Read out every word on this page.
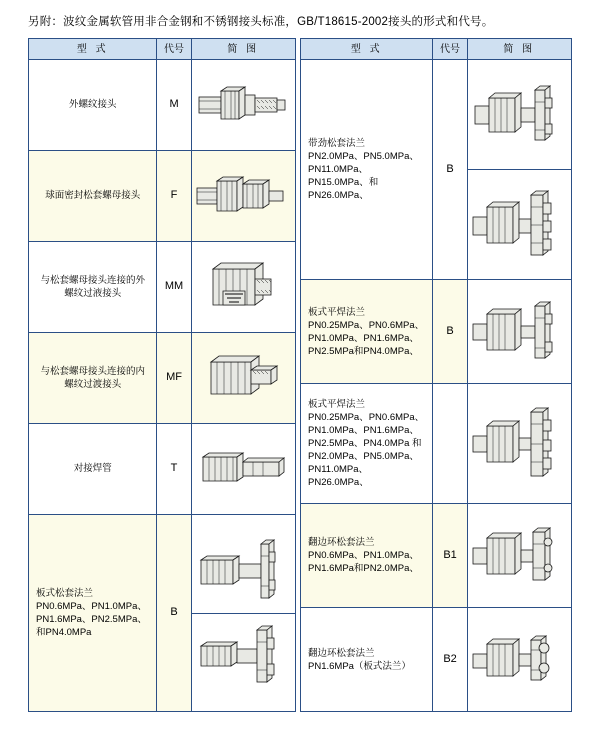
另附：波纹金属软管用非合金钢和不锈钢接头标准，GB/T18615-2002接头的形式和代号。
型 式	代号	简 图

外螺纹接头	M	

球面密封松套螺母接头	F	

与松套螺母接头连接的外螺纹过液接头	MM	

与松套螺母接头连接的内螺纹过渡接头	MF	

对接焊管	T	

板式松套法兰
PN0.6MPa、PN1.0MPa、PN1.6MPa、PN2.5MPa、和PN4.0MPa	B	
型 式	代号	简 图

带劲松套法兰
PN2.0MPa、PN5.0MPa、PN11.0MPa、PN15.0MPa、和PN26.0MPa、	B	

板式平焊法兰
PN0.25MPa、PN0.6MPa、PN1.0MPa、PN1.6MPa、PN2.5MPa和PN4.0MPa、	B	

板式平焊法兰
PN0.25MPa、PN0.6MPa、PN1.0MPa、PN1.6MPa、PN2.5MPa、PN4.0MPa 和PN2.0MPa、PN5.0MPa、PN11.0MPa、PN26.0MPa、

翻边环松套法兰
PN0.6MPa、PN1.0MPa、PN1.6MPa和PN2.0MPa、	B1	

翻边环松套法兰
PN1.6MPa（板式法兰）	B2	
